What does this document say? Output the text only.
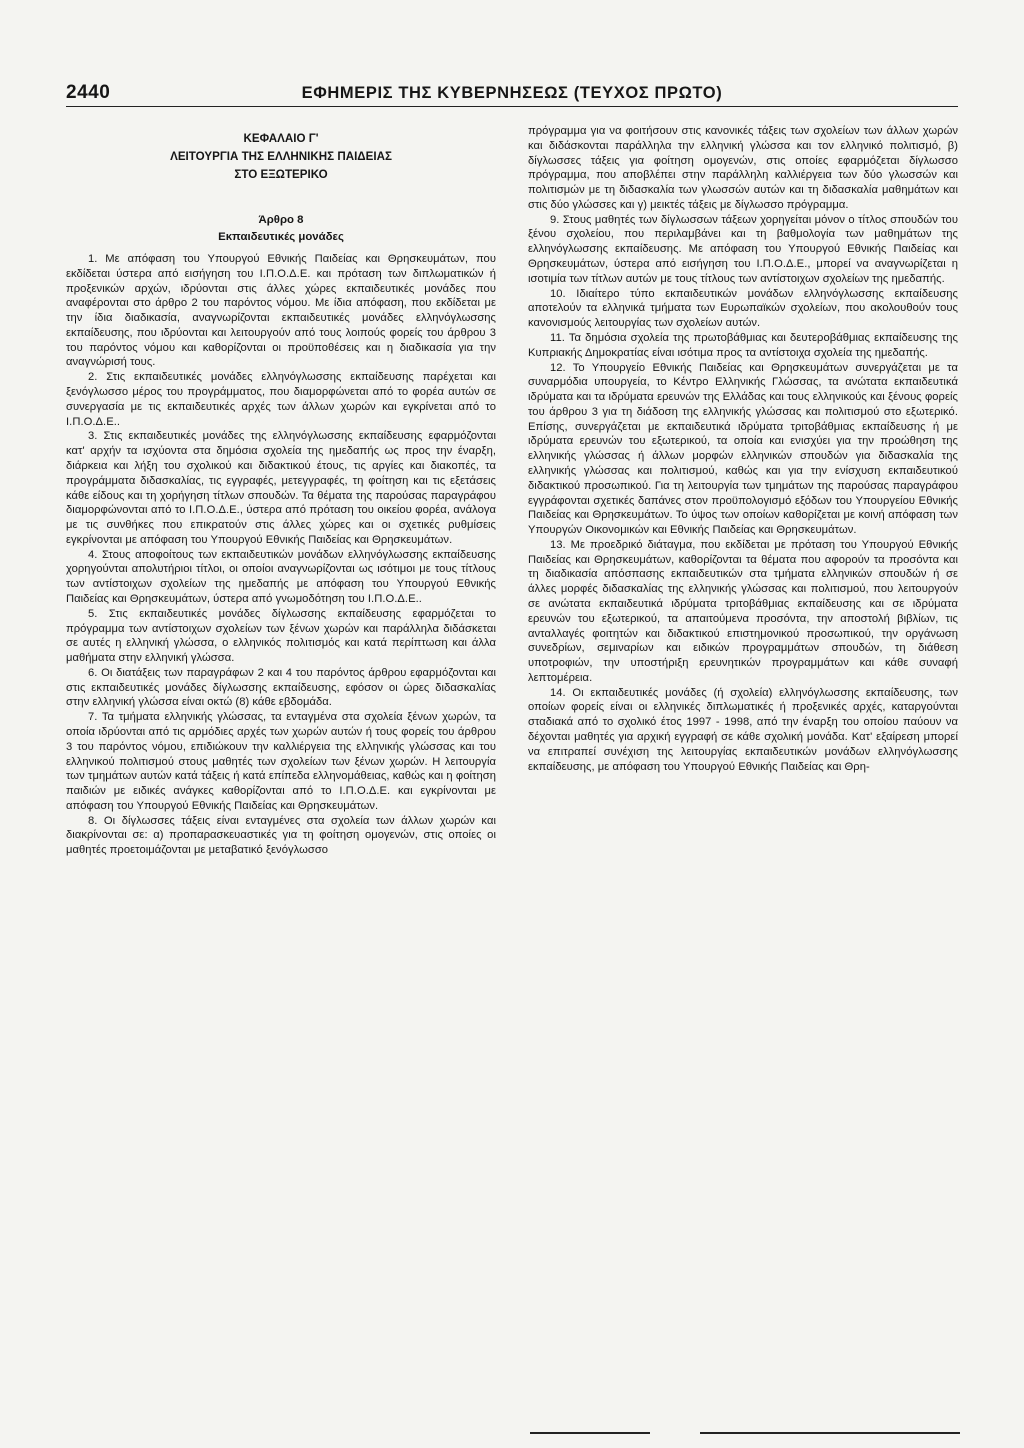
2440	ΕΦΗΜΕΡΙΣ ΤΗΣ ΚΥΒΕΡΝΗΣΕΩΣ (ΤΕΥΧΟΣ ΠΡΩΤΟ)
ΚΕΦΑΛΑΙΟ Γ'
ΛΕΙΤΟΥΡΓΙΑ ΤΗΣ ΕΛΛΗΝΙΚΗΣ ΠΑΙΔΕΙΑΣ
ΣΤΟ ΕΞΩΤΕΡΙΚΟ
Άρθρο 8
Εκπαιδευτικές μονάδες

1. Με απόφαση του Υπουργού Εθνικής Παιδείας και Θρησκευμάτων, που εκδίδεται ύστερα από εισήγηση του Ι.Π.Ο.Δ.Ε. και πρόταση των διπλωματικών ή προξενικών αρχών, ιδρύονται στις άλλες χώρες εκπαιδευτικές μονάδες που αναφέρονται στο άρθρο 2 του παρόντος νόμου. Με ίδια απόφαση, που εκδίδεται με την ίδια διαδικασία, αναγνωρίζονται εκπαιδευτικές μονάδες ελληνόγλωσσης εκπαίδευσης, που ιδρύονται και λειτουργούν από τους λοιπούς φορείς του άρθρου 3 του παρόντος νόμου και καθορίζονται οι προϋποθέσεις και η διαδικασία για την αναγνώρισή τους.

2. Στις εκπαιδευτικές μονάδες ελληνόγλωσσης εκπαίδευσης παρέχεται και ξενόγλωσσο μέρος του προγράμματος, που διαμορφώνεται από το φορέα αυτών σε συνεργασία με τις εκπαιδευτικές αρχές των άλλων χωρών και εγκρίνεται από το Ι.Π.Ο.Δ.Ε..

3. Στις εκπαιδευτικές μονάδες της ελληνόγλωσσης εκπαίδευσης εφαρμόζονται κατ' αρχήν τα ισχύοντα στα δημόσια σχολεία της ημεδαπής ως προς την έναρξη, διάρκεια και λήξη του σχολικού και διδακτικού έτους, τις αργίες και διακοπές, τα προγράμματα διδασκαλίας, τις εγγραφές, μετεγγραφές, τη φοίτηση και τις εξετάσεις κάθε είδους και τη χορήγηση τίτλων σπουδών. Τα θέματα της παρούσας παραγράφου διαμορφώνονται από το Ι.Π.Ο.Δ.Ε., ύστερα από πρόταση του οικείου φορέα, ανάλογα με τις συνθήκες που επικρατούν στις άλλες χώρες και οι σχετικές ρυθμίσεις εγκρίνονται με απόφαση του Υπουργού Εθνικής Παιδείας και Θρησκευμάτων.

4. Στους αποφοίτους των εκπαιδευτικών μονάδων ελληνόγλωσσης εκπαίδευσης χορηγούνται απολυτήριοι τίτλοι, οι οποίοι αναγνωρίζονται ως ισότιμοι με τους τίτλους των αντίστοιχων σχολείων της ημεδαπής με απόφαση του Υπουργού Εθνικής Παιδείας και Θρησκευμάτων, ύστερα από γνωμοδότηση του Ι.Π.Ο.Δ.Ε..

5. Στις εκπαιδευτικές μονάδες δίγλωσσης εκπαίδευσης εφαρμόζεται το πρόγραμμα των αντίστοιχων σχολείων των ξένων χωρών και παράλληλα διδάσκεται σε αυτές η ελληνική γλώσσα, ο ελληνικός πολιτισμός και κατά περίπτωση και άλλα μαθήματα στην ελληνική γλώσσα.

6. Οι διατάξεις των παραγράφων 2 και 4 του παρόντος άρθρου εφαρμόζονται και στις εκπαιδευτικές μονάδες δίγλωσσης εκπαίδευσης, εφόσον οι ώρες διδασκαλίας στην ελληνική γλώσσα είναι οκτώ (8) κάθε εβδομάδα.

7. Τα τμήματα ελληνικής γλώσσας, τα ενταγμένα στα σχολεία ξένων χωρών, τα οποία ιδρύονται από τις αρμόδιες αρχές των χωρών αυτών ή τους φορείς του άρθρου 3 του παρόντος νόμου, επιδιώκουν την καλλιέργεια της ελληνικής γλώσσας και του ελληνικού πολιτισμού στους μαθητές των σχολείων των ξένων χωρών. Η λειτουργία των τμημάτων αυτών κατά τάξεις ή κατά επίπεδα ελληνομάθειας, καθώς και η φοίτηση παιδιών με ειδικές ανάγκες καθορίζονται από το Ι.Π.Ο.Δ.Ε. και εγκρίνονται με απόφαση του Υπουργού Εθνικής Παιδείας και Θρησκευμάτων.

8. Οι δίγλωσσες τάξεις είναι ενταγμένες στα σχολεία των άλλων χωρών και διακρίνονται σε: α) προπαρασκευαστικές για τη φοίτηση ομογενών, στις οποίες οι μαθητές προετοιμάζονται με μεταβατικό ξενόγλωσσο

πρόγραμμα για να φοιτήσουν στις κανονικές τάξεις των σχολείων των άλλων χωρών και διδάσκονται παράλληλα την ελληνική γλώσσα και τον ελληνικό πολιτισμό, β) δίγλωσσες τάξεις για φοίτηση ομογενών, στις οποίες εφαρμόζεται δίγλωσσο πρόγραμμα, που αποβλέπει στην παράλληλη καλλιέργεια των δύο γλωσσών και πολιτισμών με τη διδασκαλία των γλωσσών αυτών και τη διδασκαλία μαθημάτων και στις δύο γλώσσες και γ) μεικτές τάξεις με δίγλωσσο πρόγραμμα.

9. Στους μαθητές των δίγλωσσων τάξεων χορηγείται μόνον ο τίτλος σπουδών του ξένου σχολείου, που περιλαμβάνει και τη βαθμολογία των μαθημάτων της ελληνόγλωσσης εκπαίδευσης. Με απόφαση του Υπουργού Εθνικής Παιδείας και Θρησκευμάτων, ύστερα από εισήγηση του Ι.Π.Ο.Δ.Ε., μπορεί να αναγνωρίζεται η ισοτιμία των τίτλων αυτών με τους τίτλους των αντίστοιχων σχολείων της ημεδαπής.

10. Ιδιαίτερο τύπο εκπαιδευτικών μονάδων ελληνόγλωσσης εκπαίδευσης αποτελούν τα ελληνικά τμήματα των Ευρωπαϊκών σχολείων, που ακολουθούν τους κανονισμούς λειτουργίας των σχολείων αυτών.

11. Τα δημόσια σχολεία της πρωτοβάθμιας και δευτεροβάθμιας εκπαίδευσης της Κυπριακής Δημοκρατίας είναι ισότιμα προς τα αντίστοιχα σχολεία της ημεδαπής.

12. Το Υπουργείο Εθνικής Παιδείας και Θρησκευμάτων συνεργάζεται με τα συναρμόδια υπουργεία, το Κέντρο Ελληνικής Γλώσσας, τα ανώτατα εκπαιδευτικά ιδρύματα και τα ιδρύματα ερευνών της Ελλάδας και τους ελληνικούς και ξένους φορείς του άρθρου 3 για τη διάδοση της ελληνικής γλώσσας και πολιτισμού στο εξωτερικό. Επίσης, συνεργάζεται με εκπαιδευτικά ιδρύματα τριτοβάθμιας εκπαίδευσης ή με ιδρύματα ερευνών του εξωτερικού, τα οποία και ενισχύει για την προώθηση της ελληνικής γλώσσας ή άλλων μορφών ελληνικών σπουδών για διδασκαλία της ελληνικής γλώσσας και πολιτισμού, καθώς και για την ενίσχυση εκπαιδευτικού διδακτικού προσωπικού. Για τη λειτουργία των τμημάτων της παρούσας παραγράφου εγγράφονται σχετικές δαπάνες στον προϋπολογισμό εξόδων του Υπουργείου Εθνικής Παιδείας και Θρησκευμάτων. Το ύψος των οποίων καθορίζεται με κοινή απόφαση των Υπουργών Οικονομικών και Εθνικής Παιδείας και Θρησκευμάτων.

13. Με προεδρικό διάταγμα, που εκδίδεται με πρόταση του Υπουργού Εθνικής Παιδείας και Θρησκευμάτων, καθορίζονται τα θέματα που αφορούν τα προσόντα και τη διαδικασία απόσπασης εκπαιδευτικών στα τμήματα ελληνικών σπουδών ή σε άλλες μορφές διδασκαλίας της ελληνικής γλώσσας και πολιτισμού, που λειτουργούν σε ανώτατα εκπαιδευτικά ιδρύματα τριτοβάθμιας εκπαίδευσης και σε ιδρύματα ερευνών του εξωτερικού, τα απαιτούμενα προσόντα, την αποστολή βιβλίων, τις ανταλλαγές φοιτητών και διδακτικού επιστημονικού προσωπικού, την οργάνωση συνεδρίων, σεμιναρίων και ειδικών προγραμμάτων σπουδών, τη διάθεση υποτροφιών, την υποστήριξη ερευνητικών προγραμμάτων και κάθε συναφή λεπτομέρεια.

14. Οι εκπαιδευτικές μονάδες (ή σχολεία) ελληνόγλωσσης εκπαίδευσης, των οποίων φορείς είναι οι ελληνικές διπλωματικές ή προξενικές αρχές, καταργούνται σταδιακά από το σχολικό έτος 1997 - 1998, από την έναρξη του οποίου παύουν να δέχονται μαθητές για αρχική εγγραφή σε κάθε σχολική μονάδα. Κατ' εξαίρεση μπορεί να επιτραπεί συνέχιση της λειτουργίας εκπαιδευτικών μονάδων ελληνόγλωσσης εκπαίδευσης, με απόφαση του Υπουργού Εθνικής Παιδείας και Θρη-
